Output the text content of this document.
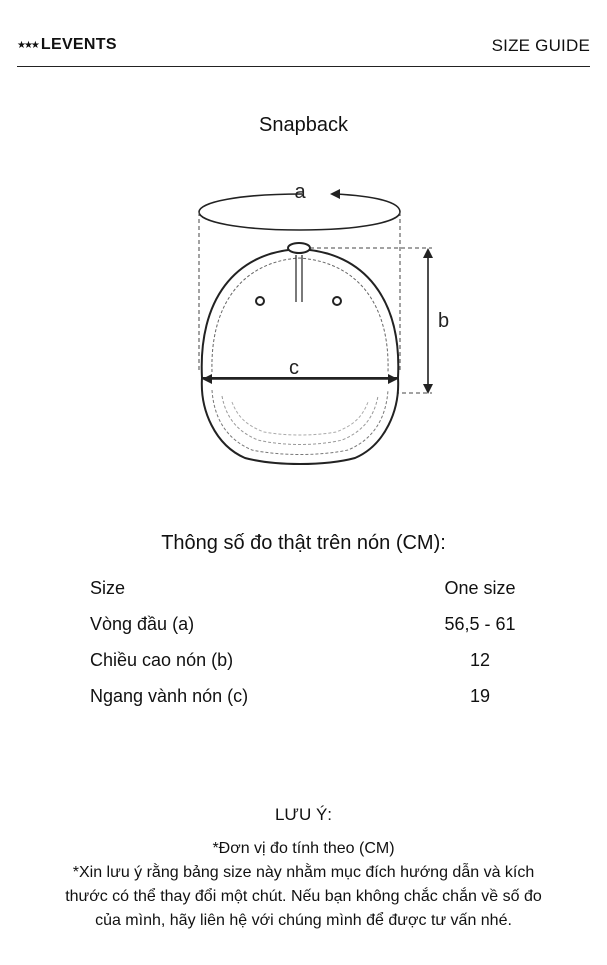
★★★ LEVENTS	SIZE GUIDE
Snapback
a
b
c
Thông số đo thật trên nón (CM):
Size	One size
Vòng đầu (a)	56,5 - 61
Chiều cao nón (b)	12
Ngang vành nón (c)	19
LƯU Ý:
*Đơn vị đo tính theo (CM)
*Xin lưu ý rằng bảng size này nhằm mục đích hướng dẫn và kích
thước có thể thay đổi một chút. Nếu bạn không chắc chắn về số đo
của mình, hãy liên hệ với chúng mình để được tư vấn nhé.
